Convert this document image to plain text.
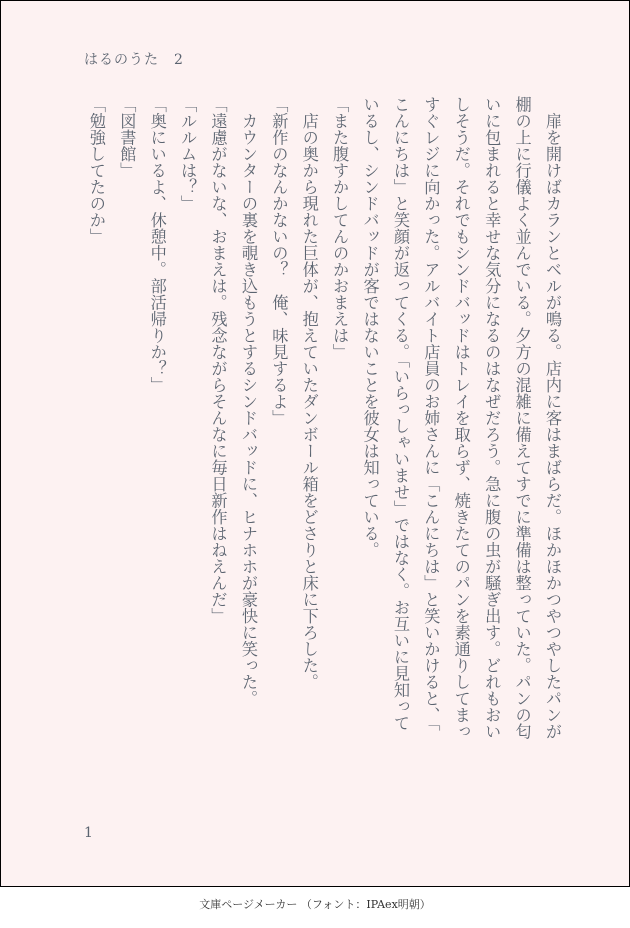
はるのうた　2
　扉を開けばカランとベルが鳴る。店内に客はまばらだ。ほかほかつやつやしたパンが
棚の上に行儀よく並んでいる。夕方の混雑に備えてすでに準備は整っていた。パンの匂
いに包まれると幸せな気分になるのはなぜだろう。急に腹の虫が騒ぎ出す。どれもおい
しそうだ。それでもシンドバッドはトレイを取らず、焼きたてのパンを素通りしてまっ
すぐレジに向かった。アルバイト店員のお姉さんに「こんにちは」と笑いかけると、「
こんにちは」と笑顔が返ってくる。「いらっしゃいませ」ではなく。お互いに見知って
いるし、シンドバッドが客ではないことを彼女は知っている。
「また腹すかしてんのかおまえは」
　店の奥から現れた巨体が、抱えていたダンボール箱をどさりと床に下ろした。
「新作のなんかないの？　俺、味見するよ」
　カウンターの裏を覗き込もうとするシンドバッドに、ヒナホホが豪快に笑った。
「遠慮がないな、おまえは。残念ながらそんなに毎日新作はねえんだ」
「ルルムは？」
「奥にいるよ、休憩中。部活帰りか？」
「図書館」
「勉強してたのか」
1
文庫ページメーカー （フォント：IPAex明朝）
